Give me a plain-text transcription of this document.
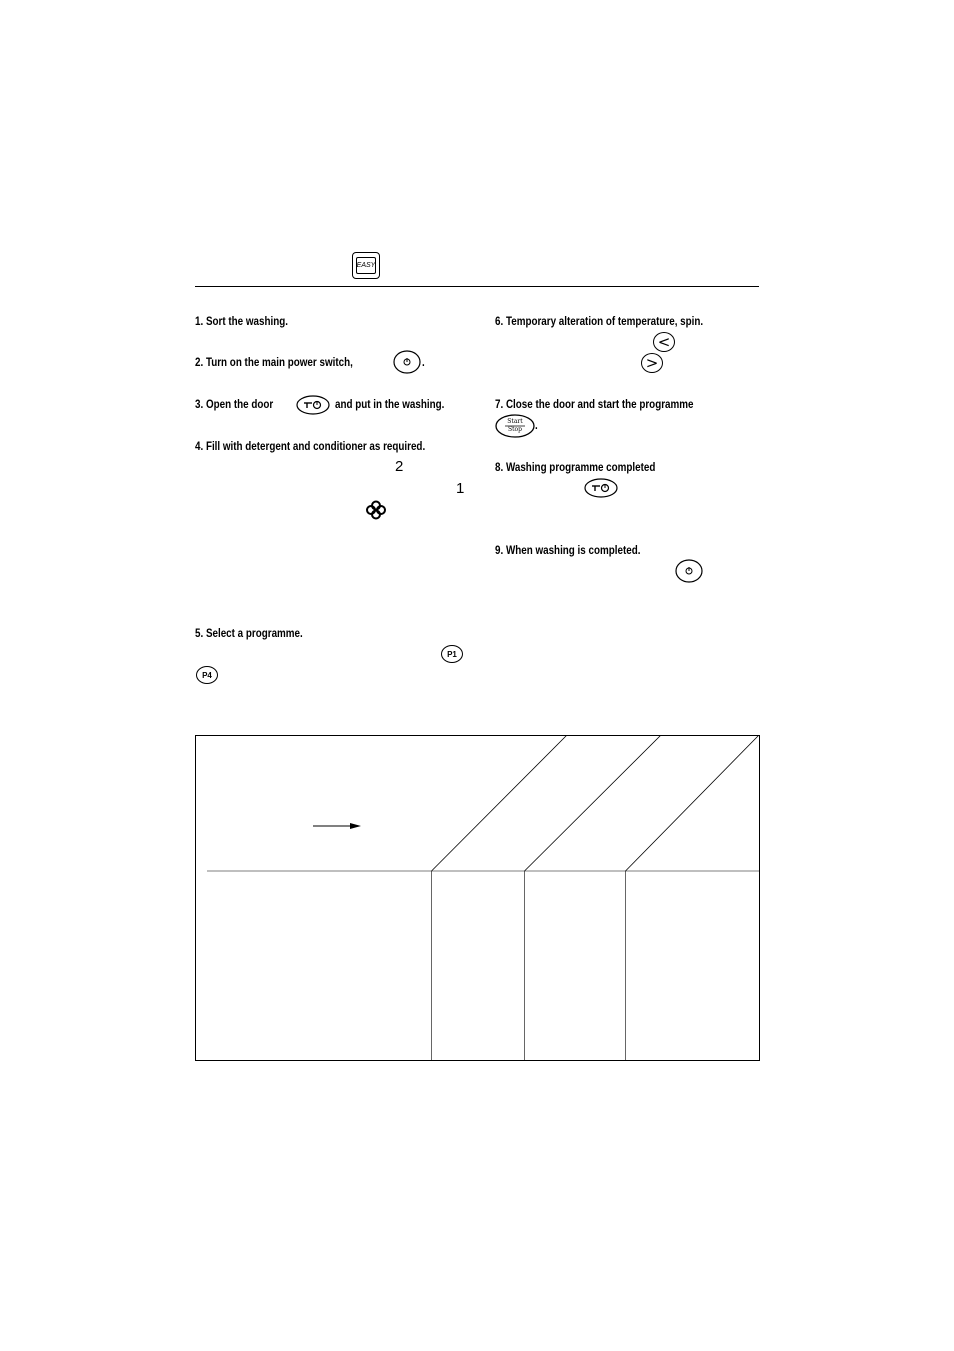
EASY

1. Sort the washing.

2. Turn on the main power switch,	.

3. Open the door	and put in the washing.

4. Fill with detergent and conditioner as required.

2
1

5. Select a programme.

P1
P4

6. Temporary alteration of temperature, spin.

<
>

7. Close the door and start the programme

Start
Stop	.

8. Washing programme completed

9. When washing is completed.
